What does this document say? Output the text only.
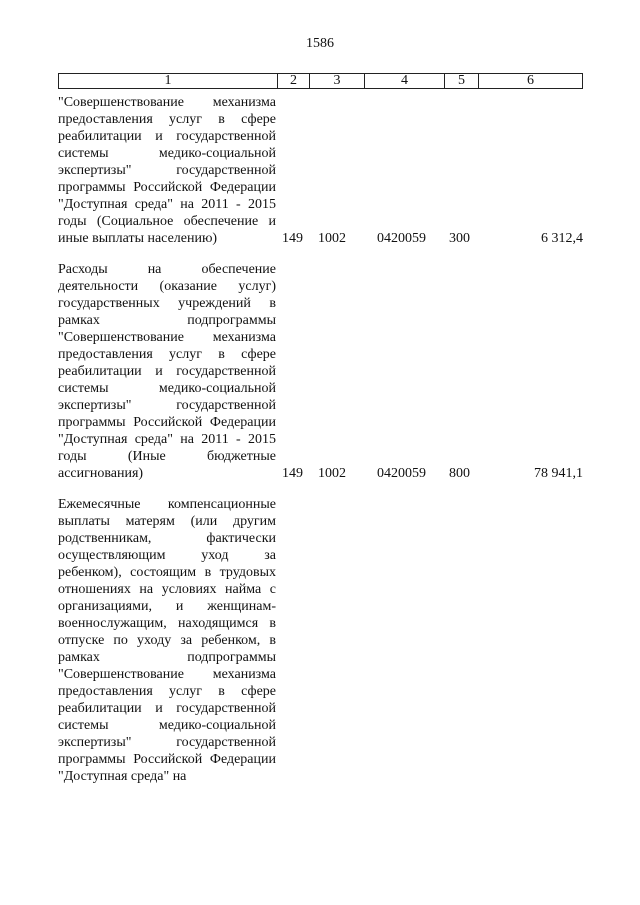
1586
1	2	3	4	5	6
"Совершенствование механизма предоставления услуг в сфере реабилитации и государственной системы медико-социальной экспертизы" государственной программы Российской Федерации "Доступная среда" на 2011 - 2015 годы (Социальное обеспечение и иные выплаты населению)	149	1002	0420059	300	6 312,4
Расходы на обеспечение деятельности (оказание услуг) государственных учреждений в рамках подпрограммы "Совершенствование механизма предоставления услуг в сфере реабилитации и государственной системы медико-социальной экспертизы" государственной программы Российской Федерации "Доступная среда" на 2011 - 2015 годы (Иные бюджетные ассигнования)	149	1002	0420059	800	78 941,1
Ежемесячные компенсационные выплаты матерям (или другим родственникам, фактически осуществляющим уход за ребенком), состоящим в трудовых отношениях на условиях найма с организациями, и женщинам-военнослужащим, находящимся в отпуске по уходу за ребенком, в рамках подпрограммы "Совершенствование механизма предоставления услуг в сфере реабилитации и государственной системы медико-социальной экспертизы" государственной программы Российской Федерации "Доступная среда" на
